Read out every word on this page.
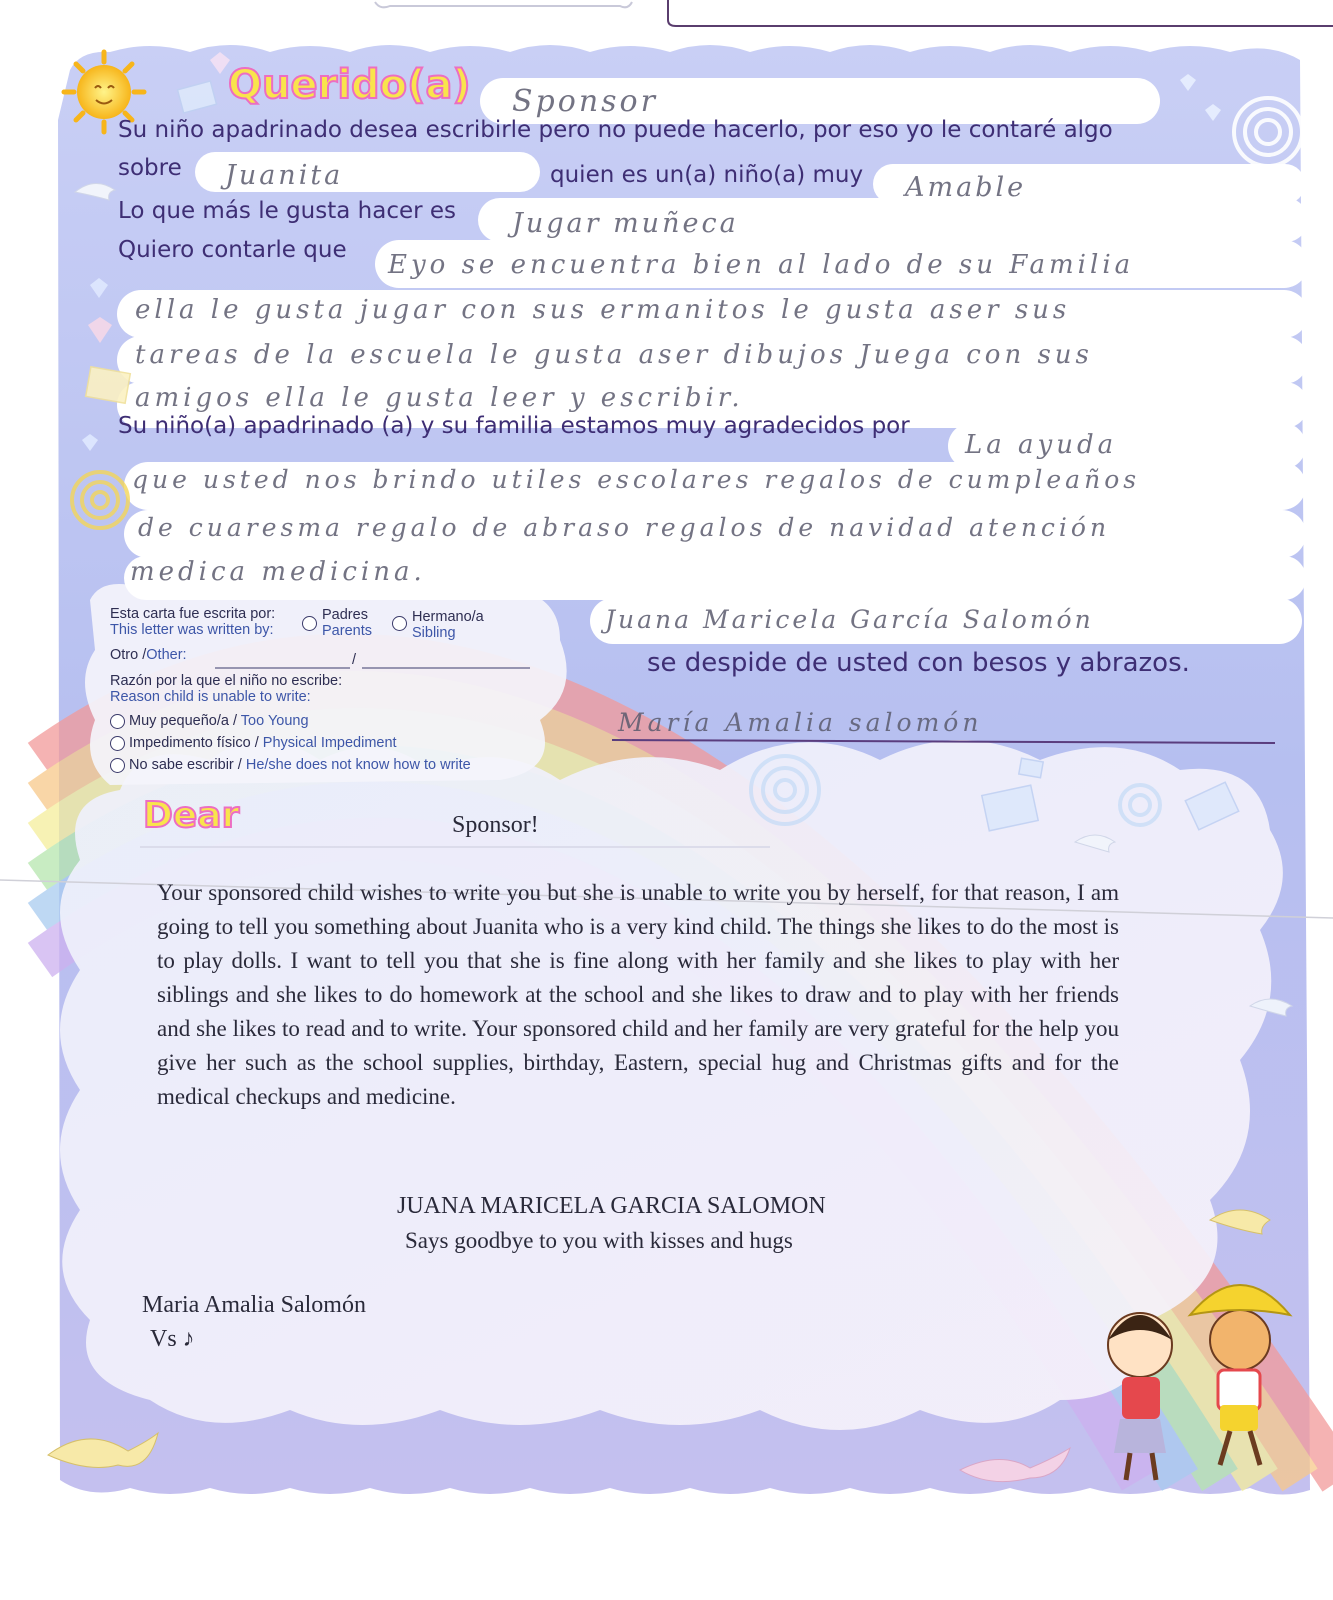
Querido(a) Sponsor
Su niño apadrinado desea escribirle pero no puede hacerlo, por eso yo le contaré algo
sobre Juanita	quien es un(a) niño(a) muy Amable
Lo que más le gusta hacer es Jugar muñeca
Quiero contarle que Eyo se encuentra bien al lado de su Familia
ella le gusta jugar con sus ermanitos le gusta aser sus
tareas de la escuela le gusta aser dibujos Juega con sus
amigos ella le gusta leer y escribir.
Su niño(a) apadrinado (a) y su familia estamos muy agradecidos por
La ayuda
que usted nos brindo utiles escolares regalos de cumpleaños
de cuaresma regalo de abraso regalos de navidad atención
medica medicina.
Juana Maricela García Salomón
se despide de usted con besos y abrazos.
María Amalia salomón
Esta carta fue escrita por:
This letter was written by:
Padres
Parents
Hermano/a
Sibling
Otro /Other:	/
Razón por la que el niño no escribe:
Reason child is unable to write:
Muy pequeño/a / Too Young
Impedimento físico / Physical Impediment
No sabe escribir / He/she does not know how to write
Dear	Sponsor!
Your sponsored child wishes to write you but she is unable to write you by herself, for that reason, I am going to tell you something about Juanita who is a very kind child. The things she likes to do the most is to play dolls. I want to tell you that she is fine along with her family and she likes to play with her siblings and she likes to do homework at the school and she likes to draw and to play with her friends and she likes to read and to write. Your sponsored child and her family are very grateful for the help you give her such as the school supplies, birthday, Eastern, special hug and Christmas gifts and for the medical checkups and medicine.
JUANA MARICELA GARCIA SALOMON
Says goodbye to you with kisses and hugs
Maria Amalia Salomón
Vs ♪
